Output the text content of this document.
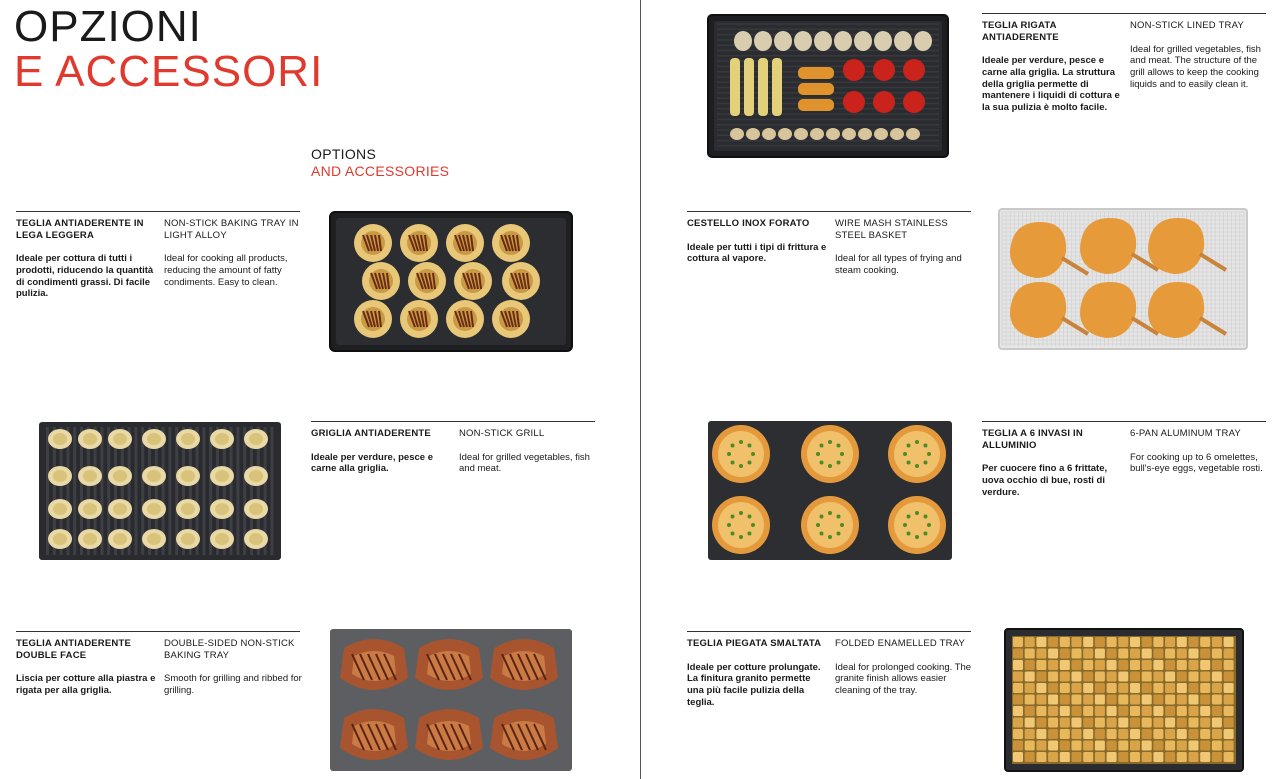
OPZIONI
E ACCESSORI
OPTIONS
AND ACCESSORIES
TEGLIA ANTIADERENTE IN LEGA LEGGERA
Ideale per cottura di tutti i prodotti, riducendo la quantità di condimenti grassi. Di facile pulizia.
NON-STICK BAKING TRAY IN LIGHT ALLOY
Ideal for cooking all products, reducing the amount of fatty condiments. Easy to clean.
GRIGLIA ANTIADERENTE
Ideale per verdure, pesce e carne alla griglia.
NON-STICK GRILL
Ideal for grilled vegetables, fish and meat.
TEGLIA ANTIADERENTE DOUBLE FACE
Liscia per cotture alla piastra e rigata per alla griglia.
DOUBLE-SIDED NON-STICK BAKING TRAY
Smooth for grilling and ribbed for grilling.
TEGLIA RIGATA ANTIADERENTE
Ideale per verdure, pesce e carne alla griglia. La struttura della griglia permette di mantenere i liquidi di cottura e la sua pulizia è molto facile.
NON-STICK LINED TRAY
Ideal for grilled vegetables, fish and meat. The structure of the grill allows to keep the cooking liquids and to easily clean it.
CESTELLO INOX FORATO
Ideale per tutti i tipi di frittura e cottura al vapore.
WIRE MASH STAINLESS STEEL BASKET
Ideal for all types of frying and steam cooking.
TEGLIA A 6 INVASI IN ALLUMINIO
Per cuocere fino a 6 frittate, uova occhio di bue, rosti di verdure.
6-PAN ALUMINUM TRAY
For cooking up to 6 omelettes, bull's-eye eggs, vegetable rosti.
TEGLIA PIEGATA SMALTATA
Ideale per cotture prolungate. La finitura granito permette una più facile pulizia della teglia.
FOLDED ENAMELLED TRAY
Ideal for prolonged cooking. The granite finish allows easier cleaning of the tray.
